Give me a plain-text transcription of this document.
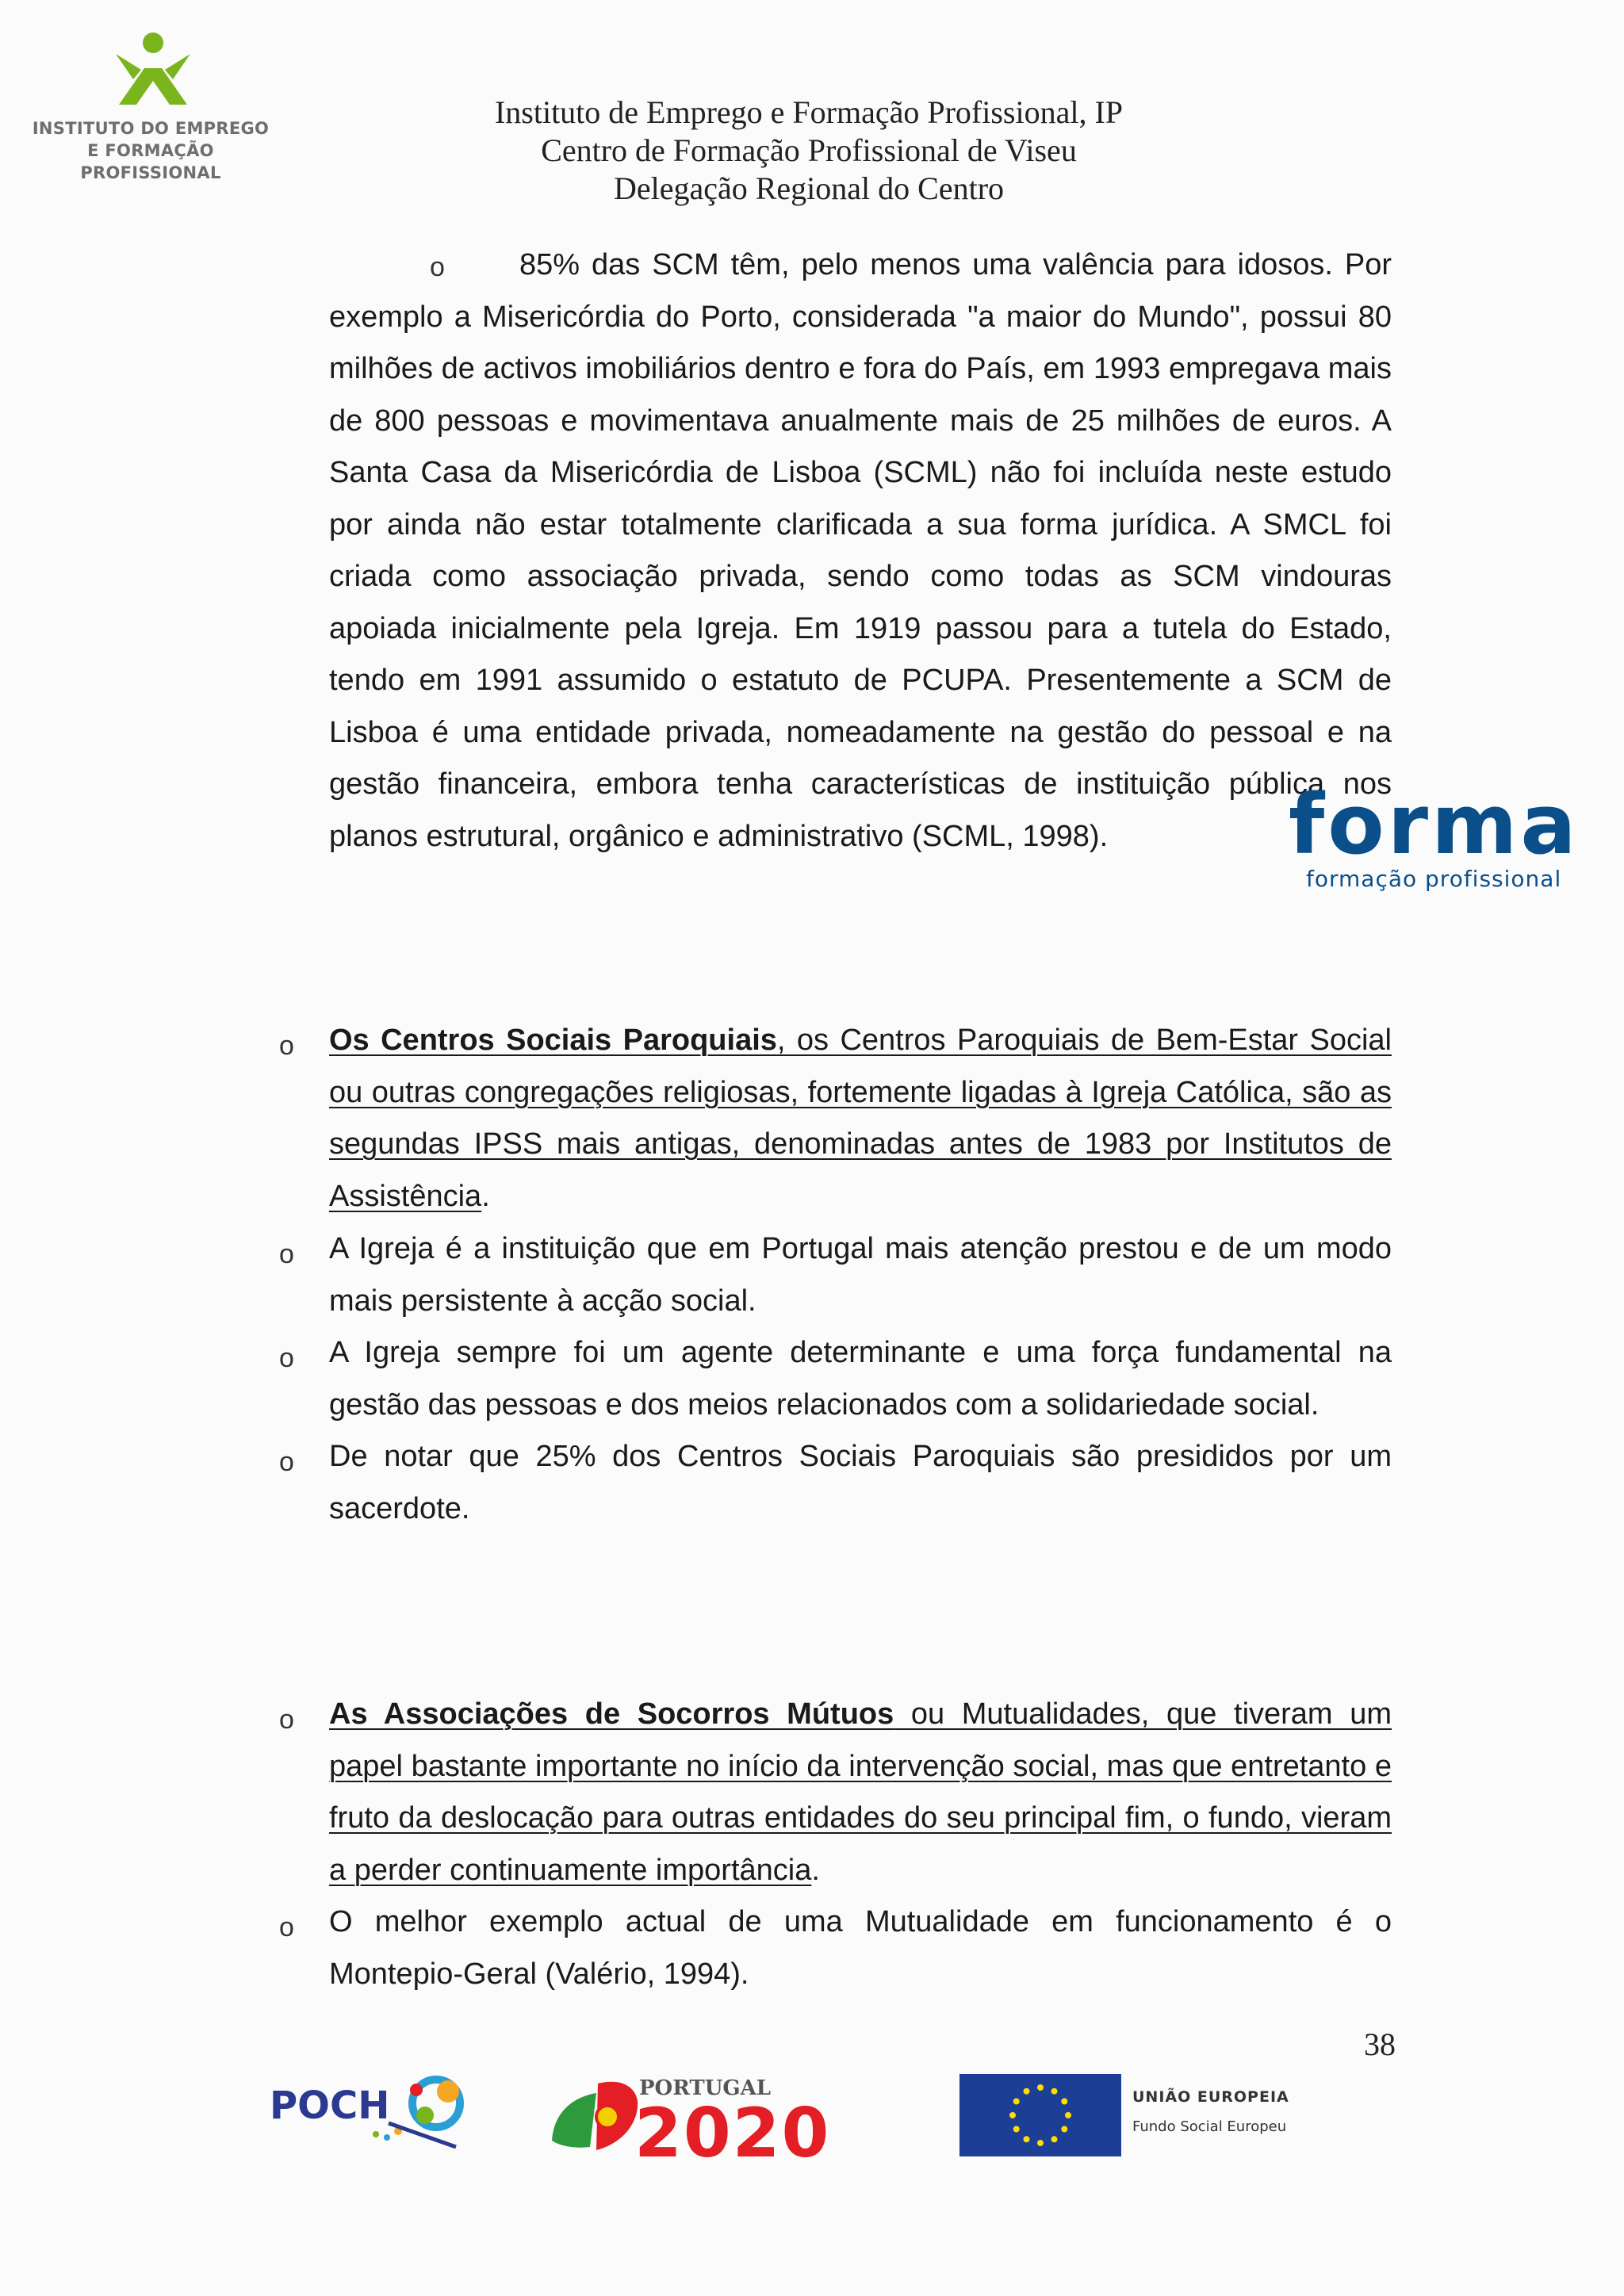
INSTITUTO DO EMPREGO
E FORMAÇÃO PROFISSIONAL
Instituto de Emprego e Formação Profissional, IP
Centro de Formação Profissional de Viseu
Delegação Regional do Centro
o	85% das SCM têm, pelo menos uma valência para idosos. Por exemplo a Misericórdia do Porto, considerada "a maior do Mundo", possui 80 milhões de activos imobiliários dentro e fora do País, em 1993 empregava mais de 800 pessoas e movimentava anualmente mais de 25 milhões de euros. A Santa Casa da Misericórdia de Lisboa (SCML) não foi incluída neste estudo por ainda não estar totalmente clarificada a sua forma jurídica. A SMCL foi criada como associação privada, sendo como todas as SCM vindouras apoiada inicialmente pela Igreja. Em 1919 passou para a tutela do Estado, tendo em 1991 assumido o estatuto de PCUPA. Presentemente a SCM de Lisboa é uma entidade privada, nomeadamente na gestão do pessoal e na gestão financeira, embora tenha características de instituição pública nos planos estrutural, orgânico e administrativo (SCML, 1998).	forma
formação profissional
o Os Centros Sociais Paroquiais, os Centros Paroquiais de Bem-Estar Social ou outras congregações religiosas, fortemente ligadas à Igreja Católica, são as segundas IPSS mais antigas, denominadas antes de 1983 por Institutos de Assistência.
o A Igreja é a instituição que em Portugal mais atenção prestou e de um modo mais persistente à acção social.
o A Igreja sempre foi um agente determinante e uma força fundamental na gestão das pessoas e dos meios relacionados com a solidariedade social.
o De notar que 25% dos Centros Sociais Paroquiais são presididos por um sacerdote.
o As Associações de Socorros Mútuos ou Mutualidades, que tiveram um papel bastante importante no início da intervenção social, mas que entretanto e fruto da deslocação para outras entidades do seu principal fim, o fundo, vieram a perder continuamente importância.
o O melhor exemplo actual de uma Mutualidade em funcionamento é o Montepio-Geral (Valério, 1994).
38
POCH	PORTUGAL
2020	UNIÃO EUROPEIA
Fundo Social Europeu
